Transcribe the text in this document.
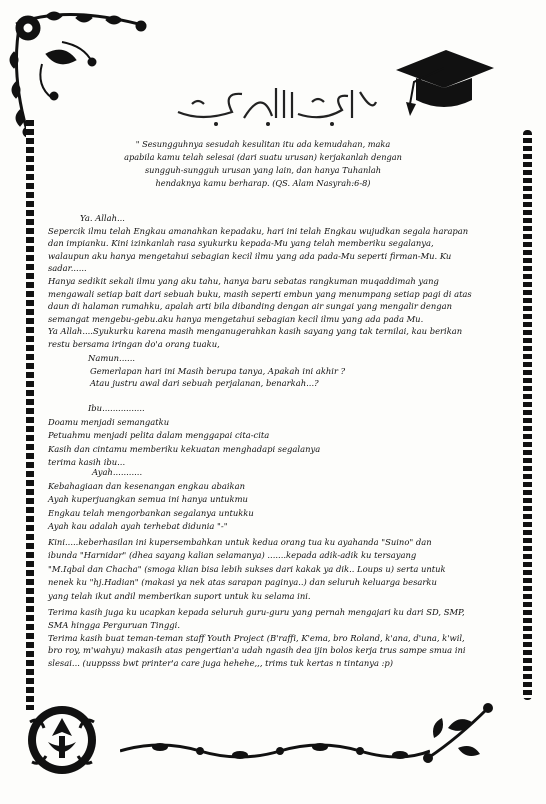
" Sesungguhnya sesudah kesulitan itu ada kemudahan, maka
apabila kamu telah selesai (dari suatu urusan) kerjakanlah dengan
sungguh-sungguh urusan yang lain, dan hanya Tuhanlah
hendaknya kamu berharap. (QS. Alam Nasyrah:6-8)
Ya. Allah...
Sepercik ilmu telah Engkau amanahkan kepadaku, hari ini telah Engkau wujudkan segala harapan
dan impianku. Kini izinkanlah rasa syukurku kepada-Mu yang telah memberiku segalanya,
walaupun aku hanya mengetahui sebagian kecil ilmu yang ada pada-Mu seperti firman-Mu. Ku
sadar......
Hanya sedikit sekali ilmu yang aku tahu, hanya baru sebatas rangkuman muqaddimah yang
mengawali setiap bait dari sebuah buku, masih seperti embun yang menumpang setiap pagi di atas
daun di halaman rumahku, apalah arti bila dibanding dengan air sungai yang mengalir dengan
semangat mengebu-gebu.aku hanya mengetahui sebagian kecil ilmu yang ada pada Mu.
Ya Allah....Syukurku karena masih menganugerahkan kasih sayang yang tak ternilai, kau berikan
restu bersama iringan do'a orang tuaku,
Namun......
Gemerlapan hari ini Masih berupa tanya, Apakah ini akhir ?
Atau justru awal dari sebuah perjalanan, benarkah...?
Ibu................
Doamu menjadi semangatku
Petuahmu menjadi pelita dalam menggapai cita-cita
Kasih dan cintamu memberiku kekuatan menghadapi segalanya
terima kasih ibu...
Ayah...........
Kebahagiaan dan kesenangan engkau abaikan
Ayah kuperjuangkan semua ini hanya untukmu
Engkau telah mengorbankan segalanya untukku
Ayah kau adalah ayah terhebat didunia "-"
Kini.....keberhasilan ini kupersembahkan untuk kedua orang tua ku ayahanda "Suino" dan
ibunda "Harnidar" (dhea sayang kalian selamanya) .......kepada adik-adik ku tersayang
"M.Iqbal dan Chacha" (smoga klian bisa lebih sukses dari kakak ya dik.. Loups u) serta untuk
nenek ku "hj.Hadian" (makasi ya nek atas sarapan paginya..) dan seluruh keluarga besarku
yang telah ikut andil memberikan suport untuk ku selama ini.
Terima kasih juga ku ucapkan kepada seluruh guru-guru yang pernah mengajari ku dari SD, SMP,
SMA hingga Perguruan Tinggi.
Terima kasih buat teman-teman staff Youth Project (B'raffi, K'ema, bro Roland, k'ana, d'una, k'wil,
bro roy, m'wahyu) makasih atas pengertian'a udah ngasih dea ijin bolos kerja trus sampe smua ini
slesai... (uuppsss bwt printer'a care juga hehehe,,, trims tuk kertas n tintanya :p)
